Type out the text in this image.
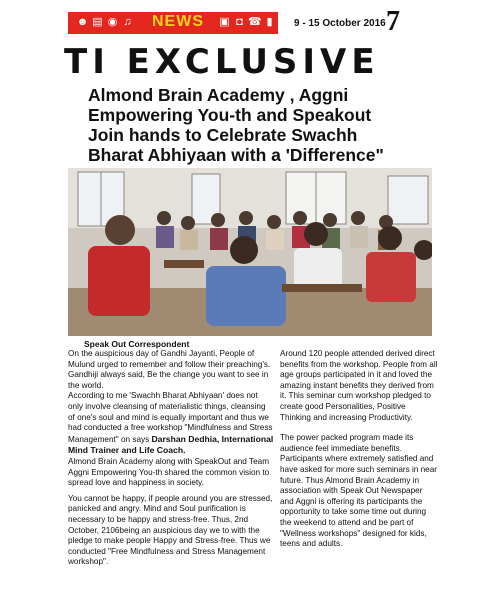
☻ ▤ ◉ ♫ NEWS ▣ ◘ ☎ ▮	9 - 15 October 2016 7
TI EXCLUSIVE
Almond Brain Academy , Aggni
Empowering You-th and Speakout
Join hands to Celebrate Swachh
Bharat Abhiyaan with a 'Difference"
Speak Out Correspondent

On the auspicious day of Gandhi Jayanti, People of Mulund urged to remember and follow their preaching's. Gandhiji always said, Be the change you want to see in the world.

According to me 'Swachh Bharat Abhiyaan' does not only involve cleansing of materialistic things, cleansing of one's soul and mind is equally important and thus we had conducted a free workshop "Mindfulness and Stress Management" on says Darshan Dedhia, International Mind Trainer and Life Coach.

Almond Brain Academy along with SpeakOut and Team Aggni Empowering You-th shared the common vision to spread love and happiness in society.

You cannot be happy, if people around you are stressed, panicked and angry. Mind and Soul purification is necessary to be happy and stress-free. Thus, 2nd October, 2106being an auspicious day we to with the pledge to make people Happy and Stress-free. Thus we conducted "Free Mindfulness and Stress Management workshop".

Around 120 people attended derived direct benefits from the workshop. People from all age groups participated in it and loved the amazing instant benefits they derived from it. This seminar cum workshop pledged to create good Personalities, Positive Thinking and increasing Productivity.

The power packed program made its audience feel immediate benefits. Participants where extremely satisfied and have asked for more such seminars in near future. Thus Almond Brain Academy in association with Speak Out Newspaper and Aggni is offering its participants the opportunity to take some time out during the weekend to attend and be part of "Wellness workshops" designed for kids, teens and adults.
